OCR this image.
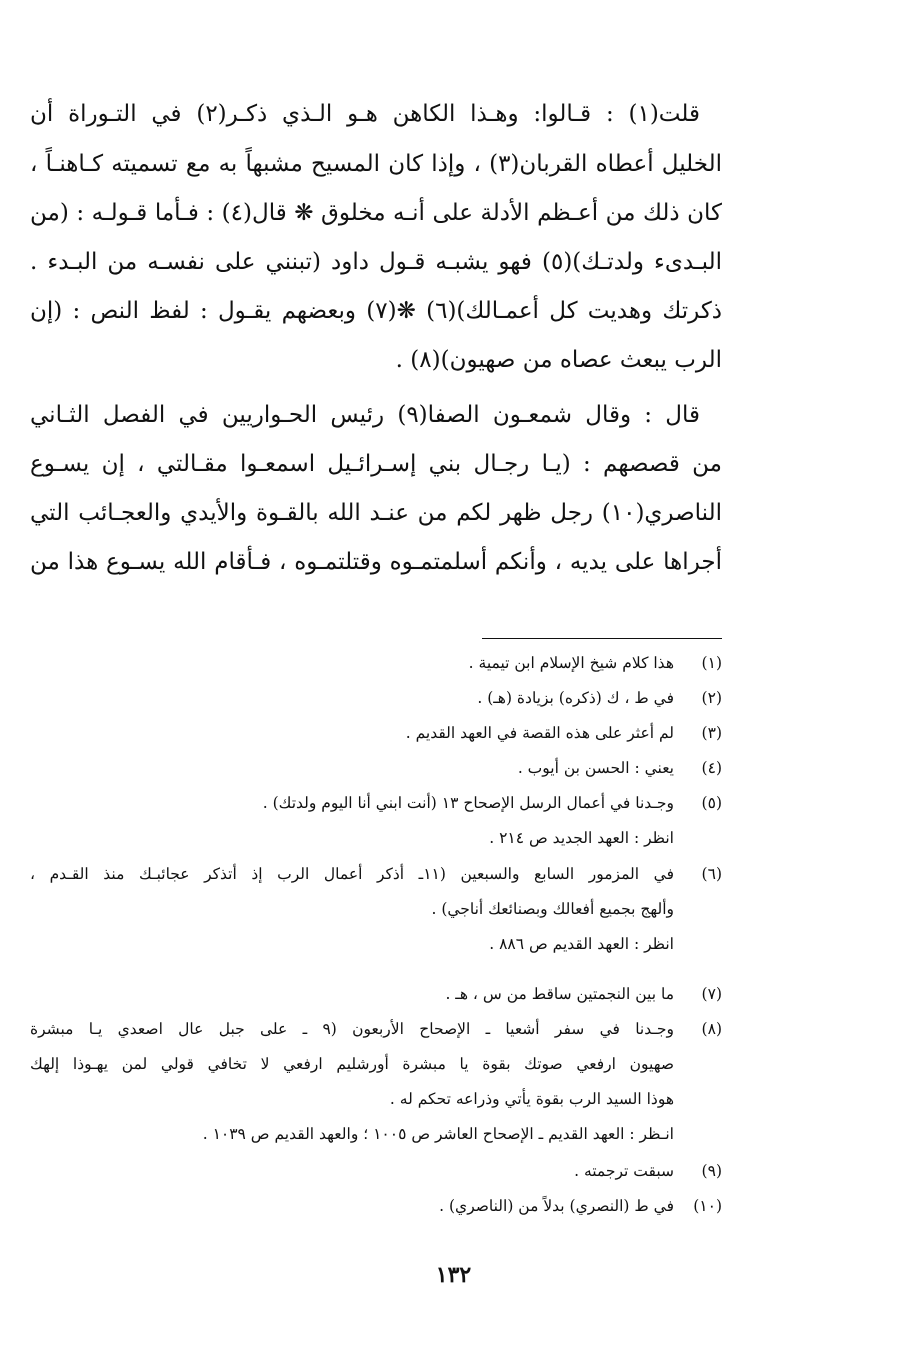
قلت(١) : قـالوا: وهـذا الكاهن هـو الـذي ذكـر(٢) في التـوراة أن
الخليل أعطاه القربان(٣) ، وإذا كان المسيح مشبهاً به مع تسميته كـاهنـاً ،
كان ذلك من أعـظم الأدلة على أنـه مخلوق ❋ قال(٤) : فـأما قـولـه : (من
البـدىء ولدتـك)(٥) فهو يشبـه قـول داود (تبنني على نفسـه من البـدء .
ذكرتك وهديت كل أعمـالك)(٦) ❋(٧) وبعضهم يقـول : لفظ النص : (إن
الرب يبعث عصاه من صهيون)(٨) .
قال : وقال شمعـون الصفا(٩) رئيس الحـواريين في الفصل الثـاني
من قصصهم : (يـا رجـال بني إسـرائـيل اسمعـوا مقـالتي ، إن يسـوع
الناصري(١٠) رجل ظهر لكم من عنـد الله بالقـوة والأيدي والعجـائب التي
أجراها على يديه ، وأنكم أسلمتمـوه وقتلتمـوه ، فـأقام الله يسـوع هذا من
(١)
هذا كلام شيخ الإسلام ابن تيمية .
(٢)
في ط ، ك (ذكره) بزيادة (هـ) .
(٣)
لم أعثر على هذه القصة في العهد القديم .
(٤)
يعني : الحسن بن أيوب .
(٥)
وجـدنا في أعمال الرسل الإصحاح ١٣ (أنت ابني أنا اليوم ولدتك) .
انظر : العهد الجديد ص ٢١٤ .
(٦)
في المزمور السابع والسبعين (١١ـ أذكر أعمال الرب إذ أتذكر عجائبـك منذ القـدم ،
وألهج بجميع أفعالك وبصنائعك أناجي) .
انظر : العهد القديم ص ٨٨٦ .
(٧)
ما بين النجمتين ساقط من س ، هـ .
(٨)
وجـدنا في سفر أشعيا ـ الإصحاح الأربعون (٩ ـ على جبل عال اصعدي يـا مبشرة
صهيون ارفعي صوتك بقوة يا مبشرة أورشليم ارفعي لا تخافي قولي لمن يهـوذا إلهك
هوذا السيد الرب بقوة يأتي وذراعه تحكم له .
انـظر : العهد القديم ـ الإصحاح العاشر ص ١٠٠٥ ؛ والعهد القديم ص ١٠٣٩ .
(٩)
سبقت ترجمته .
(١٠)
في ط (النصري) بدلاً من (الناصري) .
١٣٢
